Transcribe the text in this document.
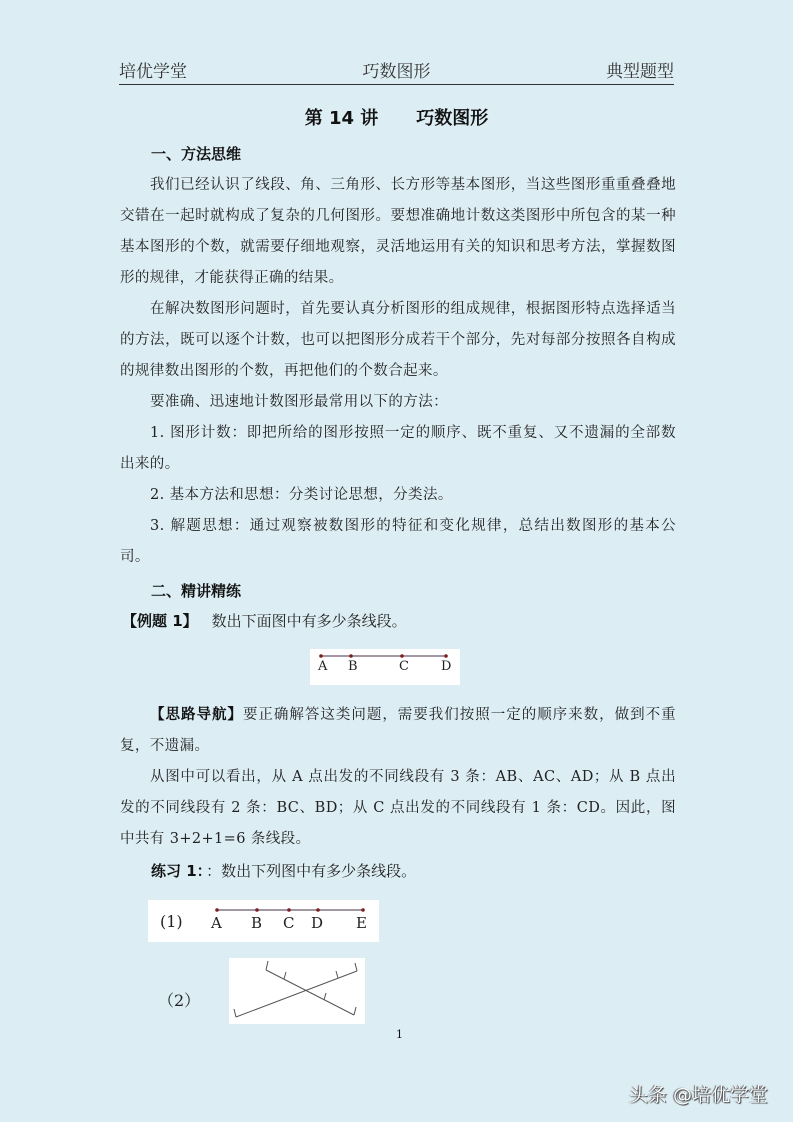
培优学堂	巧数图形	典型题型
第 14 讲 巧数图形
一、方法思维

我们已经认识了线段、角、三角形、长方形等基本图形，当这些图形重重叠叠地交错在一起时就构成了复杂的几何图形。要想准确地计数这类图形中所包含的某一种基本图形的个数，就需要仔细地观察，灵活地运用有关的知识和思考方法，掌握数图形的规律，才能获得正确的结果。

在解决数图形问题时，首先要认真分析图形的组成规律，根据图形特点选择适当的方法，既可以逐个计数，也可以把图形分成若干个部分，先对每部分按照各自构成的规律数出图形的个数，再把他们的个数合起来。

要准确、迅速地计数图形最常用以下的方法：

1. 图形计数：即把所给的图形按照一定的顺序、既不重复、又不遗漏的全部数出来的。

2. 基本方法和思想：分类讨论思想，分类法。

3. 解题思想：通过观察被数图形的特征和变化规律，总结出数图形的基本公司。

二、精讲精练
【例题 1】 数出下面图中有多少条线段。
A B	C D

【思路导航】要正确解答这类问题，需要我们按照一定的顺序来数，做到不重复，不遗漏。

从图中可以看出，从 A 点出发的不同线段有 3 条：AB、AC、AD；从 B 点出发的不同线段有 2 条：BC、BD；从 C 点出发的不同线段有 1 条：CD。因此，图中共有 3+2+1=6 条线段。

练习 1： ：数出下列图中有多少条线段。
(1) A B C D E
（2）
1
头条 @培优学堂
